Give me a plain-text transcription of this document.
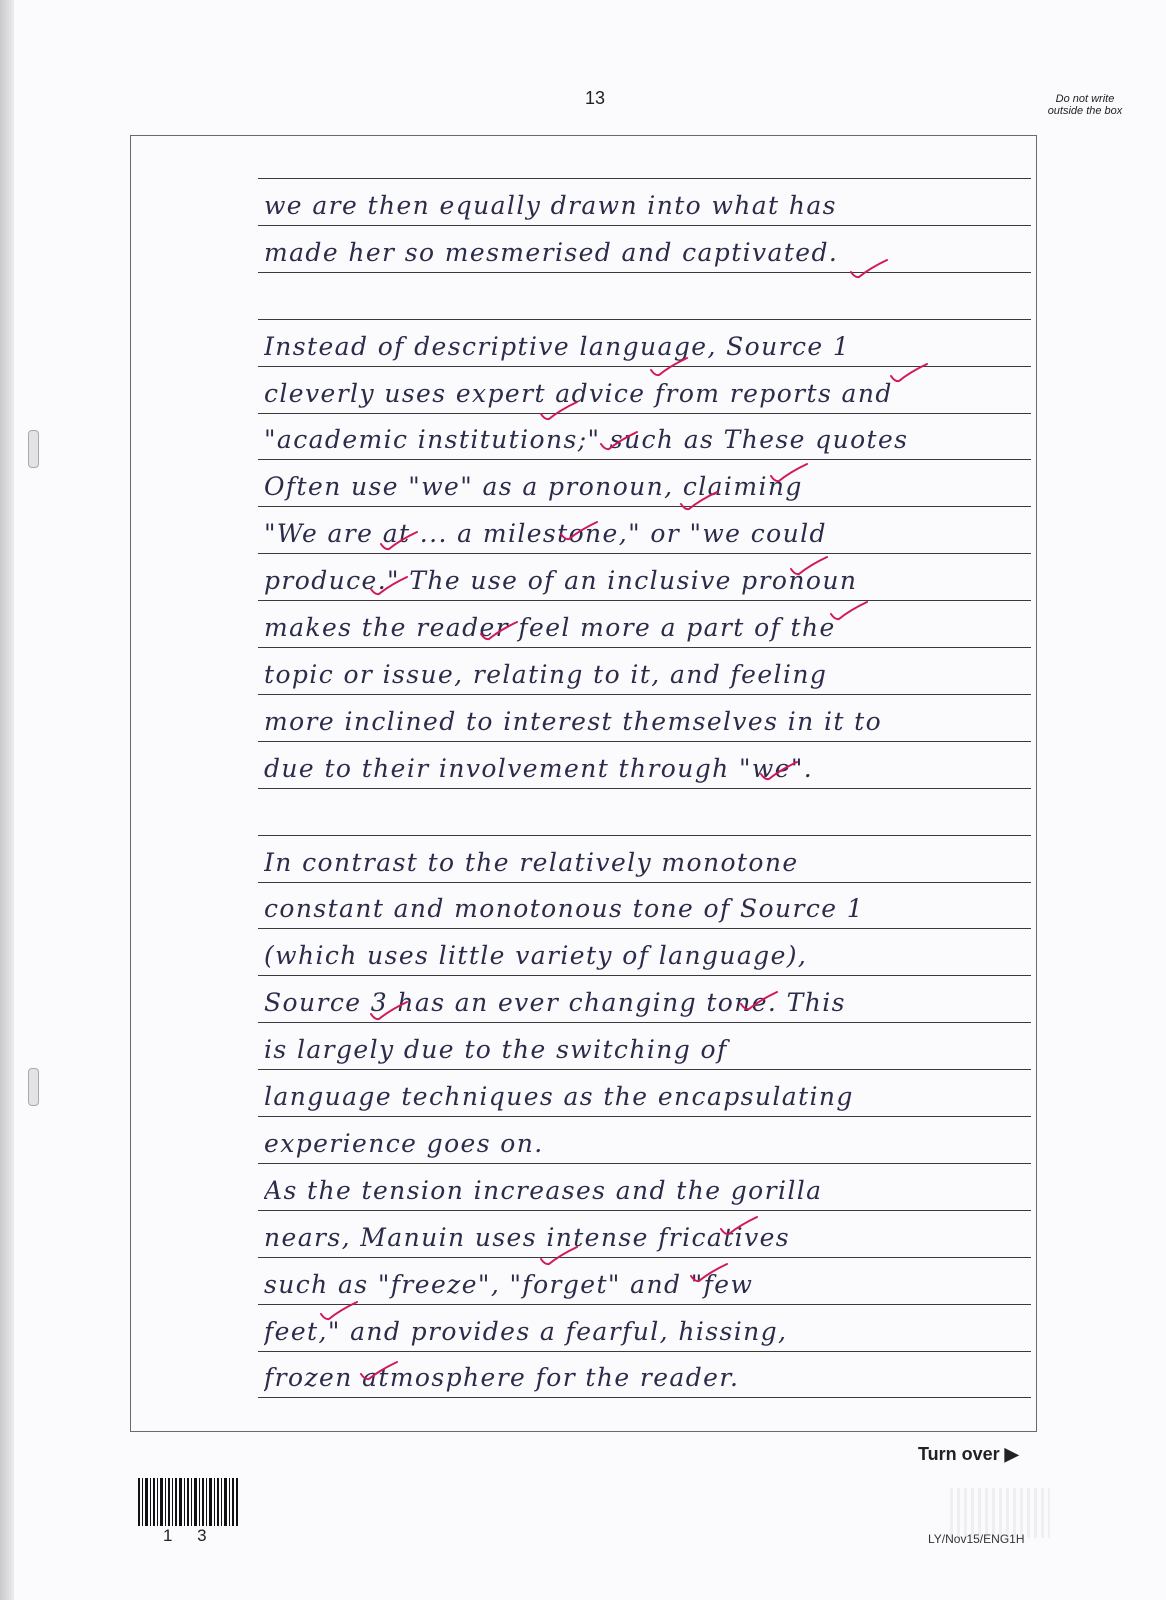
13	Do not write outside the box
we are then equally drawn into what has
made her so mesmerised and captivated.
Instead of descriptive language, Source 1
cleverly uses expert advice from reports and
"academic institutions;" such as These quotes
Often use "we" as a pronoun, claiming
"We are at ... a milestone," or "we could
produce." The use of an inclusive pronoun
makes the reader feel more a part of the
topic or issue, relating to it, and feeling
more inclined to interest themselves in it to
due to their involvement through "we".
In contrast to the relatively monotone
constant and monotonous tone of Source 1
(which uses little variety of language),
Source 3 has an ever changing tone. This
is largely due to the switching of
language techniques as the encapsulating
experience goes on.
As the tension increases and the gorilla
nears, Manuin uses intense fricatives
such as "freeze", "forget" and "few
feet," and provides a fearful, hissing,
frozen atmosphere for the reader.
Turn over ▶
1 3	LY/Nov15/ENG1H
